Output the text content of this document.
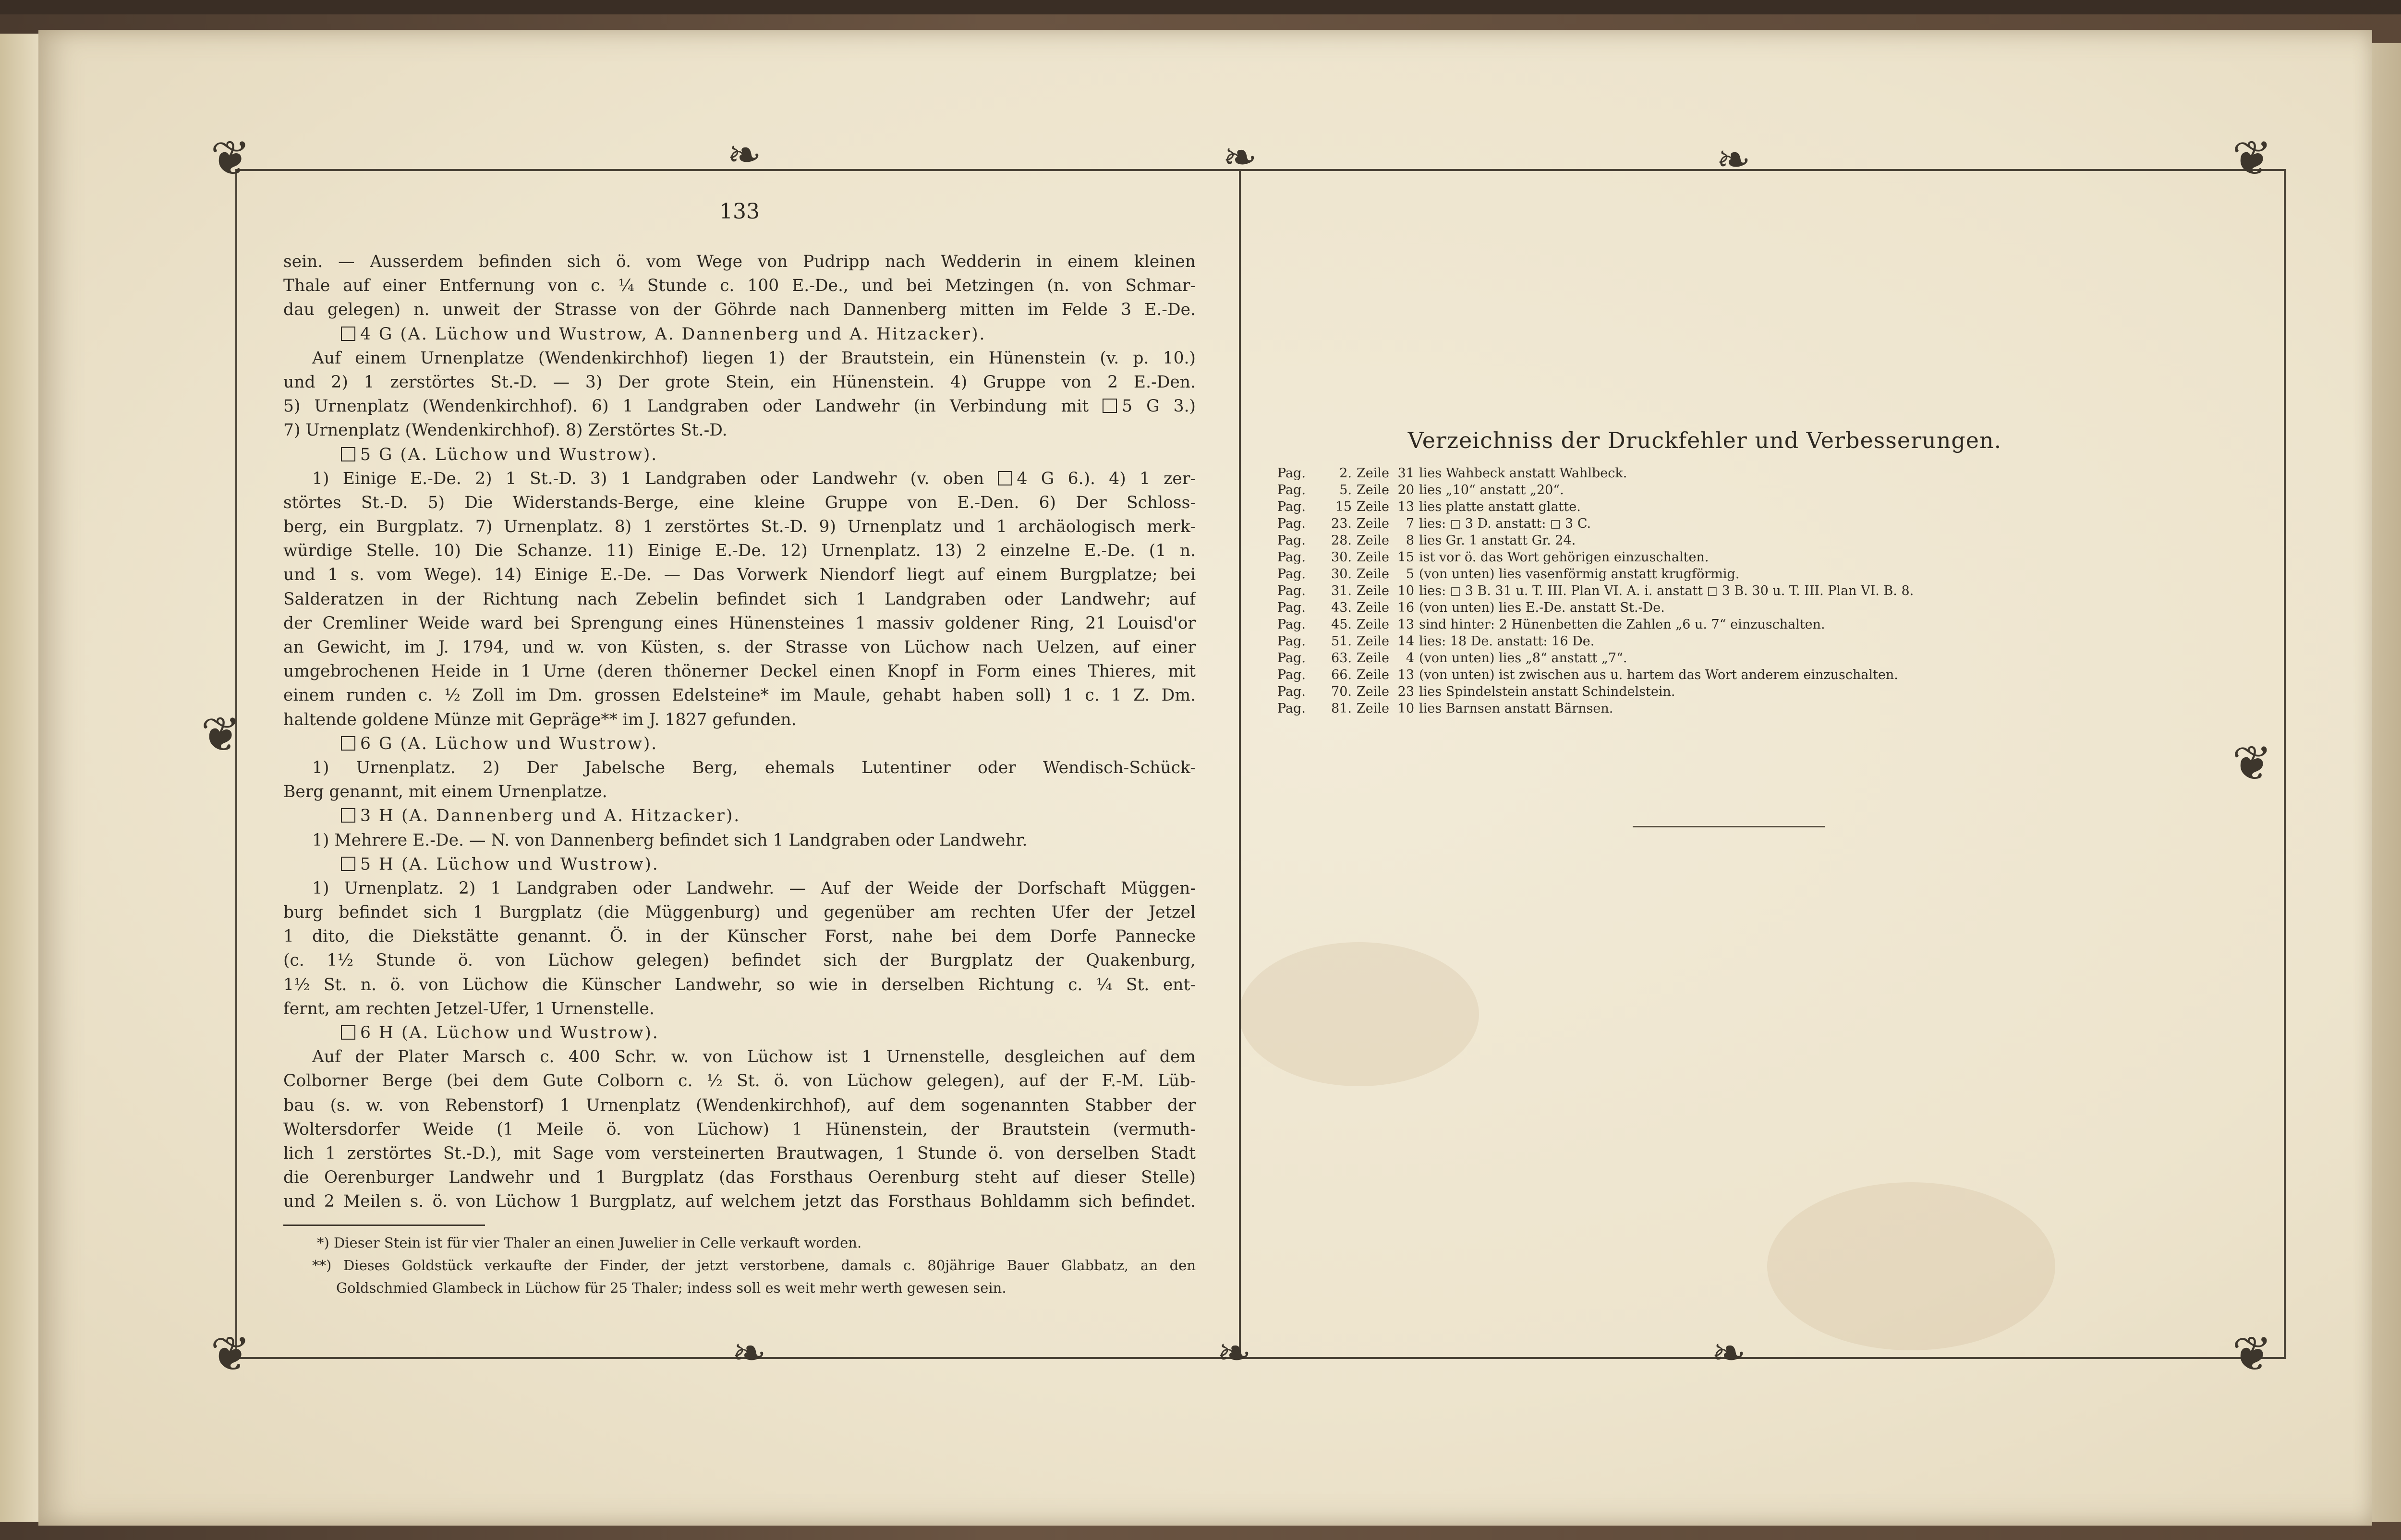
❦	❦
❦	❦
❧	❧	❧
❧	❧	❧
❦
❦
133
sein. — Ausserdem befinden sich ö. vom Wege von Pudripp nach Wedderin in einem kleinen
Thale auf einer Entfernung von c. ¼ Stunde c. 100 E.-De., und bei Metzingen (n. von Schmar-
dau gelegen) n. unweit der Strasse von der Göhrde nach Dannenberg mitten im Felde 3 E.-De.
4 G (A. Lüchow und Wustrow, A. Dannenberg und A. Hitzacker).
Auf einem Urnenplatze (Wendenkirchhof) liegen 1) der Brautstein, ein Hünenstein (v. p. 10.)
und 2) 1 zerstörtes St.-D. — 3) Der grote Stein, ein Hünenstein. 4) Gruppe von 2 E.-Den.
5) Urnenplatz (Wendenkirchhof). 6) 1 Landgraben oder Landwehr (in Verbindung mit 5 G 3.)
7) Urnenplatz (Wendenkirchhof). 8) Zerstörtes St.-D.
5 G (A. Lüchow und Wustrow).
1) Einige E.-De. 2) 1 St.-D. 3) 1 Landgraben oder Landwehr (v. oben 4 G 6.). 4) 1 zer-
störtes St.-D. 5) Die Widerstands-Berge, eine kleine Gruppe von E.-Den. 6) Der Schloss-
berg, ein Burgplatz. 7) Urnenplatz. 8) 1 zerstörtes St.-D. 9) Urnenplatz und 1 archäologisch merk-
würdige Stelle. 10) Die Schanze. 11) Einige E.-De. 12) Urnenplatz. 13) 2 einzelne E.-De. (1 n.
und 1 s. vom Wege). 14) Einige E.-De. — Das Vorwerk Niendorf liegt auf einem Burgplatze; bei
Salderatzen in der Richtung nach Zebelin befindet sich 1 Landgraben oder Landwehr; auf
der Cremliner Weide ward bei Sprengung eines Hünensteines 1 massiv goldener Ring, 21 Louisd'or
an Gewicht, im J. 1794, und w. von Küsten, s. der Strasse von Lüchow nach Uelzen, auf einer
umgebrochenen Heide in 1 Urne (deren thönerner Deckel einen Knopf in Form eines Thieres, mit
einem runden c. ½ Zoll im Dm. grossen Edelsteine* im Maule, gehabt haben soll) 1 c. 1 Z. Dm.
haltende goldene Münze mit Gepräge** im J. 1827 gefunden.
6 G (A. Lüchow und Wustrow).
1) Urnenplatz. 2) Der Jabelsche Berg, ehemals Lutentiner oder Wendisch-Schück-
Berg genannt, mit einem Urnenplatze.
3 H (A. Dannenberg und A. Hitzacker).
1) Mehrere E.-De. — N. von Dannenberg befindet sich 1 Landgraben oder Landwehr.
5 H (A. Lüchow und Wustrow).
1) Urnenplatz. 2) 1 Landgraben oder Landwehr. — Auf der Weide der Dorfschaft Müggen-
burg befindet sich 1 Burgplatz (die Müggenburg) und gegenüber am rechten Ufer der Jetzel
1 dito, die Diekstätte genannt. Ö. in der Künscher Forst, nahe bei dem Dorfe Pannecke
(c. 1½ Stunde ö. von Lüchow gelegen) befindet sich der Burgplatz der Quakenburg,
1½ St. n. ö. von Lüchow die Künscher Landwehr, so wie in derselben Richtung c. ¼ St. ent-
fernt, am rechten Jetzel-Ufer, 1 Urnenstelle.
6 H (A. Lüchow und Wustrow).
Auf der Plater Marsch c. 400 Schr. w. von Lüchow ist 1 Urnenstelle, desgleichen auf dem
Colborner Berge (bei dem Gute Colborn c. ½ St. ö. von Lüchow gelegen), auf der F.-M. Lüb-
bau (s. w. von Rebenstorf) 1 Urnenplatz (Wendenkirchhof), auf dem sogenannten Stabber der
Woltersdorfer Weide (1 Meile ö. von Lüchow) 1 Hünenstein, der Brautstein (vermuth-
lich 1 zerstörtes St.-D.), mit Sage vom versteinerten Brautwagen, 1 Stunde ö. von derselben Stadt
die Oerenburger Landwehr und 1 Burgplatz (das Forsthaus Oerenburg steht auf dieser Stelle)
und 2 Meilen s. ö. von Lüchow 1 Burgplatz, auf welchem jetzt das Forsthaus Bohldamm sich befindet.
*) Dieser Stein ist für vier Thaler an einen Juwelier in Celle verkauft worden.
**) Dieses Goldstück verkaufte der Finder, der jetzt verstorbene, damals c. 80jährige Bauer Glabbatz, an den
Goldschmied Glambeck in Lüchow für 25 Thaler; indess soll es weit mehr werth gewesen sein.
Verzeichniss der Druckfehler und Verbesserungen.
Pag.	2. Zeile 31 lies Wahbeck anstatt Wahlbeck.
Pag.	5. Zeile 20 lies „10“ anstatt „20“.
Pag. 15 Zeile 13 lies platte anstatt glatte.
Pag. 23. Zeile 7 lies: ◻ 3 D. anstatt: ◻ 3 C.
Pag. 28. Zeile 8 lies Gr. 1 anstatt Gr. 24.
Pag. 30. Zeile 15 ist vor ö. das Wort gehörigen einzuschalten.
Pag. 30. Zeile 5 (von unten) lies vasenförmig anstatt krugförmig.
Pag. 31. Zeile 10 lies: ◻ 3 B. 31 u. T. III. Plan VI. A. i. anstatt ◻ 3 B. 30 u. T. III. Plan VI. B. 8.
Pag. 43. Zeile 16 (von unten) lies E.-De. anstatt St.-De.
Pag. 45. Zeile 13 sind hinter: 2 Hünenbetten die Zahlen „6 u. 7“ einzuschalten.
Pag. 51. Zeile 14 lies: 18 De. anstatt: 16 De.
Pag. 63. Zeile 4 (von unten) lies „8“ anstatt „7“.
Pag. 66. Zeile 13 (von unten) ist zwischen aus u. hartem das Wort anderem einzuschalten.
Pag. 70. Zeile 23 lies Spindelstein anstatt Schindelstein.
Pag. 81. Zeile 10 lies Barnsen anstatt Bärnsen.
